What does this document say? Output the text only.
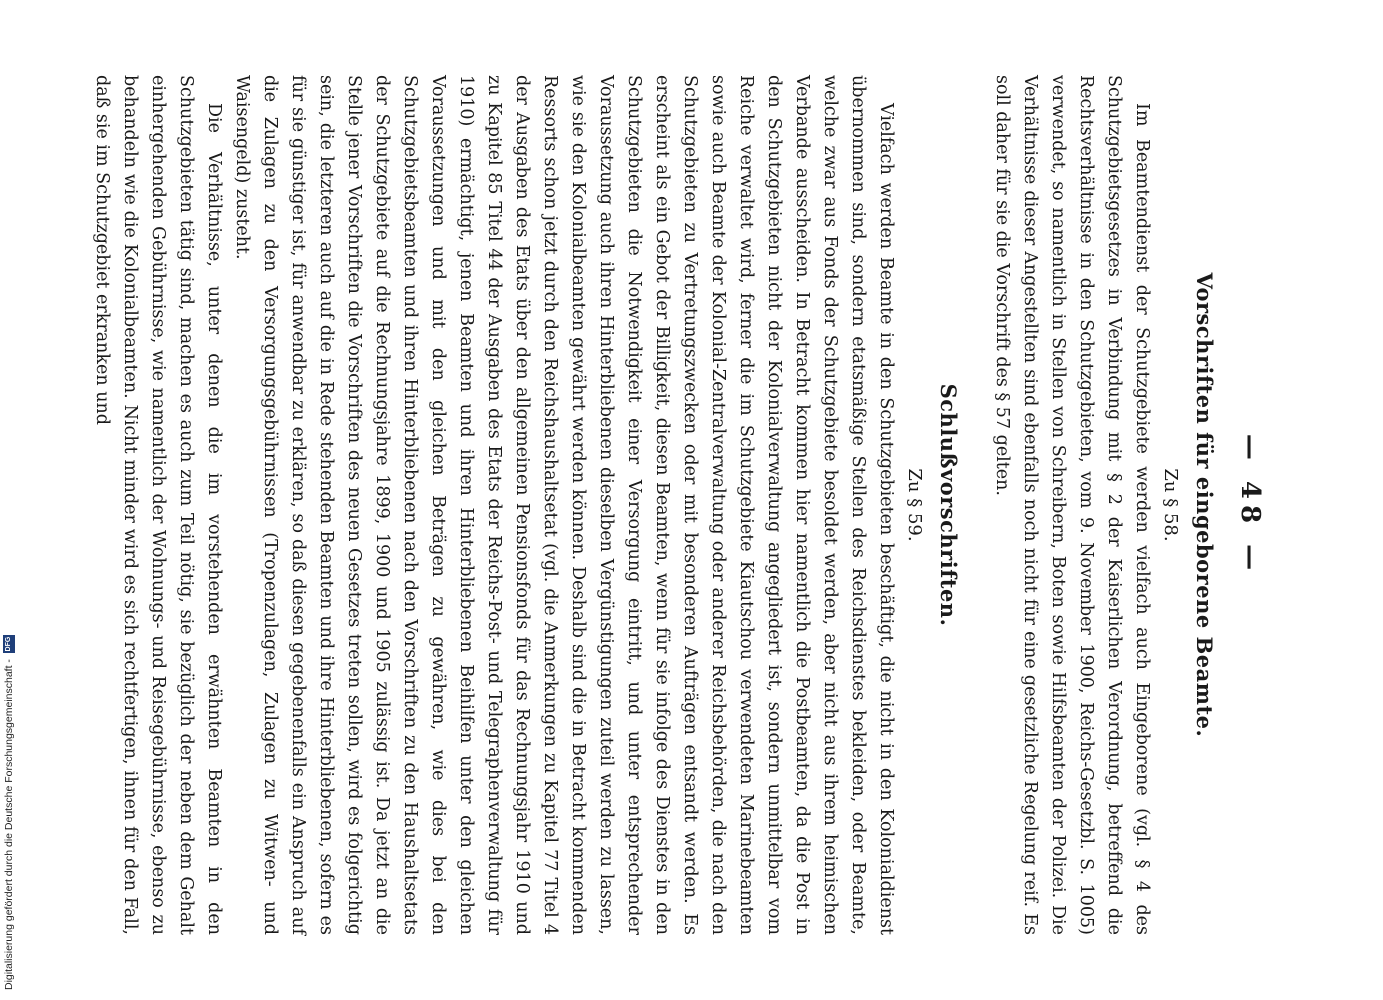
— 48 —
Vorschriften für eingeborene Beamte.
Zu § 58.

Im Beamtendienst der Schutzgebiete werden vielfach auch Eingeborene (vgl. § 4 des Schutzgebietsgesetzes in Verbindung mit § 2 der Kaiserlichen Verordnung, betreffend die Rechtsverhältnisse in den Schutzgebieten, vom 9. November 1900, Reichs-Gesetzbl. S. 1005) verwendet, so namentlich in Stellen von Schreibern, Boten sowie Hilfsbeamten der Polizei. Die Verhältnisse dieser Angestellten sind ebenfalls noch nicht für eine gesetzliche Regelung reif. Es soll daher für sie die Vorschrift des § 57 gelten.

Schlußvorschriften.
Zu § 59.

Vielfach werden Beamte in den Schutzgebieten beschäftigt, die nicht in den Kolonialdienst übernommen sind, sondern etatsmäßige Stellen des Reichsdienstes bekleiden, oder Beamte, welche zwar aus Fonds der Schutzgebiete besoldet werden, aber nicht aus ihrem heimischen Verbande ausscheiden. In Betracht kommen hier namentlich die Postbeamten, da die Post in den Schutzgebieten nicht der Kolonialverwaltung angegliedert ist, sondern unmittelbar vom Reiche verwaltet wird, ferner die im Schutzgebiete Kiautschou verwendeten Marinebeamten sowie auch Beamte der Kolonial-Zentralverwaltung oder anderer Reichsbehörden, die nach den Schutzgebieten zu Vertretungszwecken oder mit besonderen Aufträgen entsandt werden. Es erscheint als ein Gebot der Billigkeit, diesen Beamten, wenn für sie infolge des Dienstes in den Schutzgebieten die Notwendigkeit einer Versorgung eintritt, und unter entsprechender Voraussetzung auch ihren Hinterbliebenen dieselben Vergünstigungen zuteil werden zu lassen, wie sie den Kolonialbeamten gewährt werden können. Deshalb sind die in Betracht kommenden Ressorts schon jetzt durch den Reichshaushaltsetat (vgl. die Anmerkungen zu Kapitel 77 Titel 4 der Ausgaben des Etats über den allgemeinen Pensionsfonds für das Rechnungsjahr 1910 und zu Kapitel 85 Titel 44 der Ausgaben des Etats der Reichs-Post- und Telegraphenverwaltung für 1910) ermächtigt, jenen Beamten und ihren Hinterbliebenen Beihilfen unter den gleichen Voraussetzungen und mit den gleichen Beträgen zu gewähren, wie dies bei den Schutzgebietsbeamten und ihren Hinterbliebenen nach den Vorschriften zu den Haushaltsetats der Schutzgebiete auf die Rechnungsjahre 1899, 1900 und 1905 zulässig ist. Da jetzt an die Stelle jener Vorschriften die Vorschriften des neuen Gesetzes treten sollen, wird es folgerichtig sein, die letzteren auch auf die in Rede stehenden Beamten und ihre Hinterbliebenen, sofern es für sie günstiger ist, für anwendbar zu erklären, so daß diesen gegebenenfalls ein Anspruch auf die Zulagen zu den Versorgungsgebührnissen (Tropenzulagen, Zulagen zu Witwen- und Waisengeld) zusteht.

Die Verhältnisse, unter denen die im vorstehenden erwähnten Beamten in den Schutzgebieten tätig sind, machen es auch zum Teil nötig, sie bezüglich der neben dem Gehalt einhergehenden Gebührnisse, wie namentlich der Wohnungs- und Reisegebührnisse, ebenso zu behandeln wie die Kolonialbeamten. Nicht minder wird es sich rechtfertigen, ihnen für den Fall, daß sie im Schutzgebiet erkranken und

Digitalisierung gefördert durch die Deutsche Forschungsgemeinschaft -
DFG
